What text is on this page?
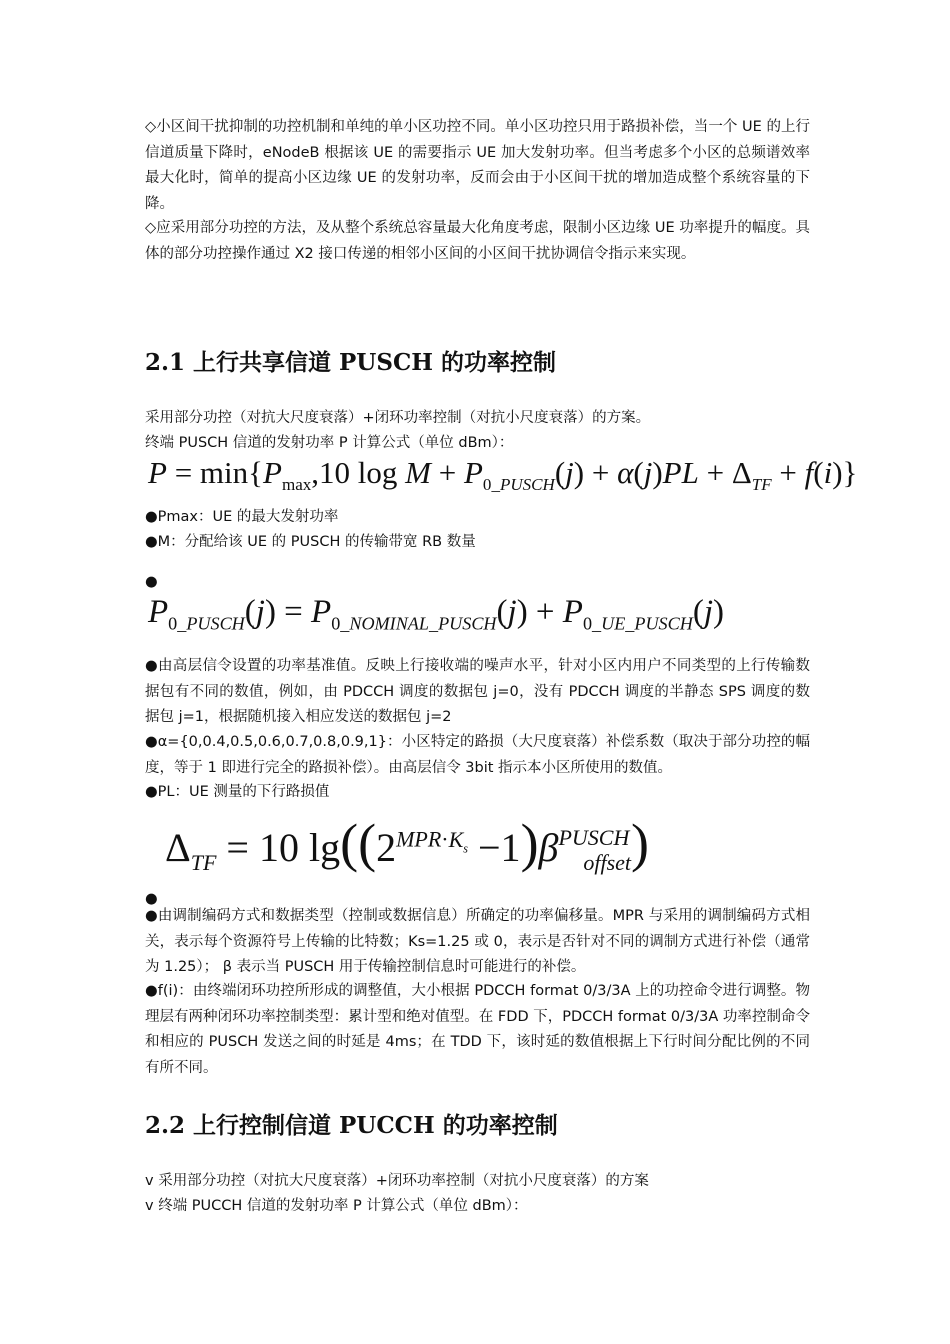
◇小区间干扰抑制的功控机制和单纯的单小区功控不同。单小区功控只用于路损补偿，当一个 UE 的上行信道质量下降时，eNodeB 根据该 UE 的需要指示 UE 加大发射功率。但当考虑多个小区的总频谱效率最大化时，简单的提高小区边缘 UE 的发射功率，反而会由于小区间干扰的增加造成整个系统容量的下降。

◇应采用部分功控的方法，及从整个系统总容量最大化角度考虑，限制小区边缘 UE 功率提升的幅度。具体的部分功控操作通过 X2 接口传递的相邻小区间的小区间干扰协调信令指示来实现。

2.1 上行共享信道 PUSCH 的功率控制

采用部分功控（对抗大尺度衰落）+闭环功率控制（对抗小尺度衰落）的方案。

终端 PUSCH 信道的发射功率 P 计算公式（单位 dBm）：

$P = \min\{P_{max},10$ $\log M + P_{0\_PUSCH}(j) + \alpha(j)PL + \Delta_{TF} + f(i)$}

●Pmax：UE 的最大发射功率

●M：分配给该 UE 的 PUSCH 的传输带宽 RB 数量

●

$P_{0\_PUSCH}(j) = P_{0\_NOMINAL\_PUSCH}(j) + P_{0\_UE\_PUSCH}(j)$

●由高层信令设置的功率基准值。反映上行接收端的噪声水平，针对小区内用户不同类型的上行传输数据包有不同的数值，例如，由 PDCCH 调度的数据包 j=0，没有 PDCCH 调度的半静态 SPS 调度的数据包 j=1，根据随机接入相应发送的数据包 j=2

●α={0,0.4,0.5,0.6,0.7,0.8,0.9,1}：小区特定的路损（大尺度衰落）补偿系数（取决于部分功控的幅度，等于 1 即进行完全的路损补偿）。由高层信令 3bit 指示本小区所使用的数值。

●PL：UE 测量的下行路损值

$\Delta_{TF} = 10$ $\lg((2^{MPR\cdot K_s} -1)\beta^{PUSCH}_{offset})$

●

●由调制编码方式和数据类型（控制或数据信息）所确定的功率偏移量。MPR 与采用的调制编码方式相关，表示每个资源符号上传输的比特数；Ks=1.25 或 0，表示是否针对不同的调制方式进行补偿（通常为 1.25）； β 表示当 PUSCH 用于传输控制信息时可能进行的补偿。

●f(i)：由终端闭环功控所形成的调整值，大小根据 PDCCH format 0/3/3A 上的功控命令进行调整。物理层有两种闭环功率控制类型：累计型和绝对值型。在 FDD 下，PDCCH format 0/3/3A 功率控制命令和相应的 PUSCH 发送之间的时延是 4ms；在 TDD 下，该时延的数值根据上下行时间分配比例的不同有所不同。

2.2 上行控制信道 PUCCH 的功率控制

v 采用部分功控（对抗大尺度衰落）+闭环功率控制（对抗小尺度衰落）的方案

v 终端 PUCCH 信道的发射功率 P 计算公式（单位 dBm）：
